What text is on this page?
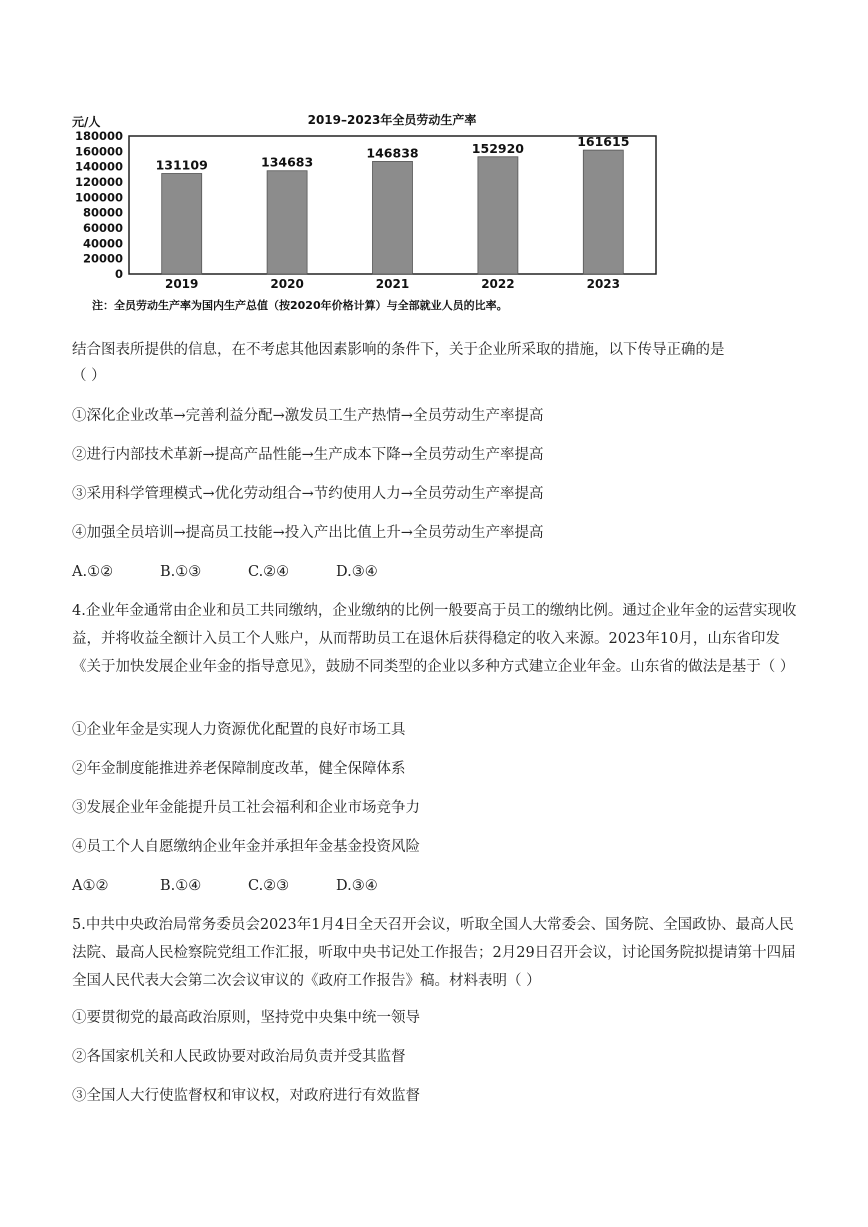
2019–2023年全员劳动生产率
元/人
180000
160000
140000
120000
100000
80000
60000
40000
20000
0
131109	134683
146838	152920	161615
2019	2020	2021	2022	2023
注：全员劳动生产率为国内生产总值（按2020年价格计算）与全部就业人员的比率。
结合图表所提供的信息，在不考虑其他因素影响的条件下，关于企业所采取的措施，以下传导正确的是
（ ）
①深化企业改革→完善利益分配→激发员工生产热情→全员劳动生产率提高
②进行内部技术革新→提高产品性能→生产成本下降→全员劳动生产率提高
③采用科学管理模式→优化劳动组合→节约使用人力→全员劳动生产率提高
④加强全员培训→提高员工技能→投入产出比值上升→全员劳动生产率提高
A.①②	B.①③	C.②④	D.③④
4.企业年金通常由企业和员工共同缴纳，企业缴纳的比例一般要高于员工的缴纳比例。通过企业年金的运营实现收益，并将收益全额计入员工个人账户，从而帮助员工在退休后获得稳定的收入来源。2023年10月，山东省印发《关于加快发展企业年金的指导意见》，鼓励不同类型的企业以多种方式建立企业年金。山东省的做法是基于（ ）
①企业年金是实现人力资源优化配置的良好市场工具
②年金制度能推进养老保障制度改革，健全保障体系
③发展企业年金能提升员工社会福利和企业市场竞争力
④员工个人自愿缴纳企业年金并承担年金基金投资风险
A①②	B.①④	C.②③	D.③④
5.中共中央政治局常务委员会2023年1月4日全天召开会议，听取全国人大常委会、国务院、全国政协、最高人民法院、最高人民检察院党组工作汇报，听取中央书记处工作报告；2月29日召开会议，讨论国务院拟提请第十四届全国人民代表大会第二次会议审议的《政府工作报告》稿。材料表明（ ）
①要贯彻党的最高政治原则，坚持党中央集中统一领导
②各国家机关和人民政协要对政治局负责并受其监督
③全国人大行使监督权和审议权，对政府进行有效监督
